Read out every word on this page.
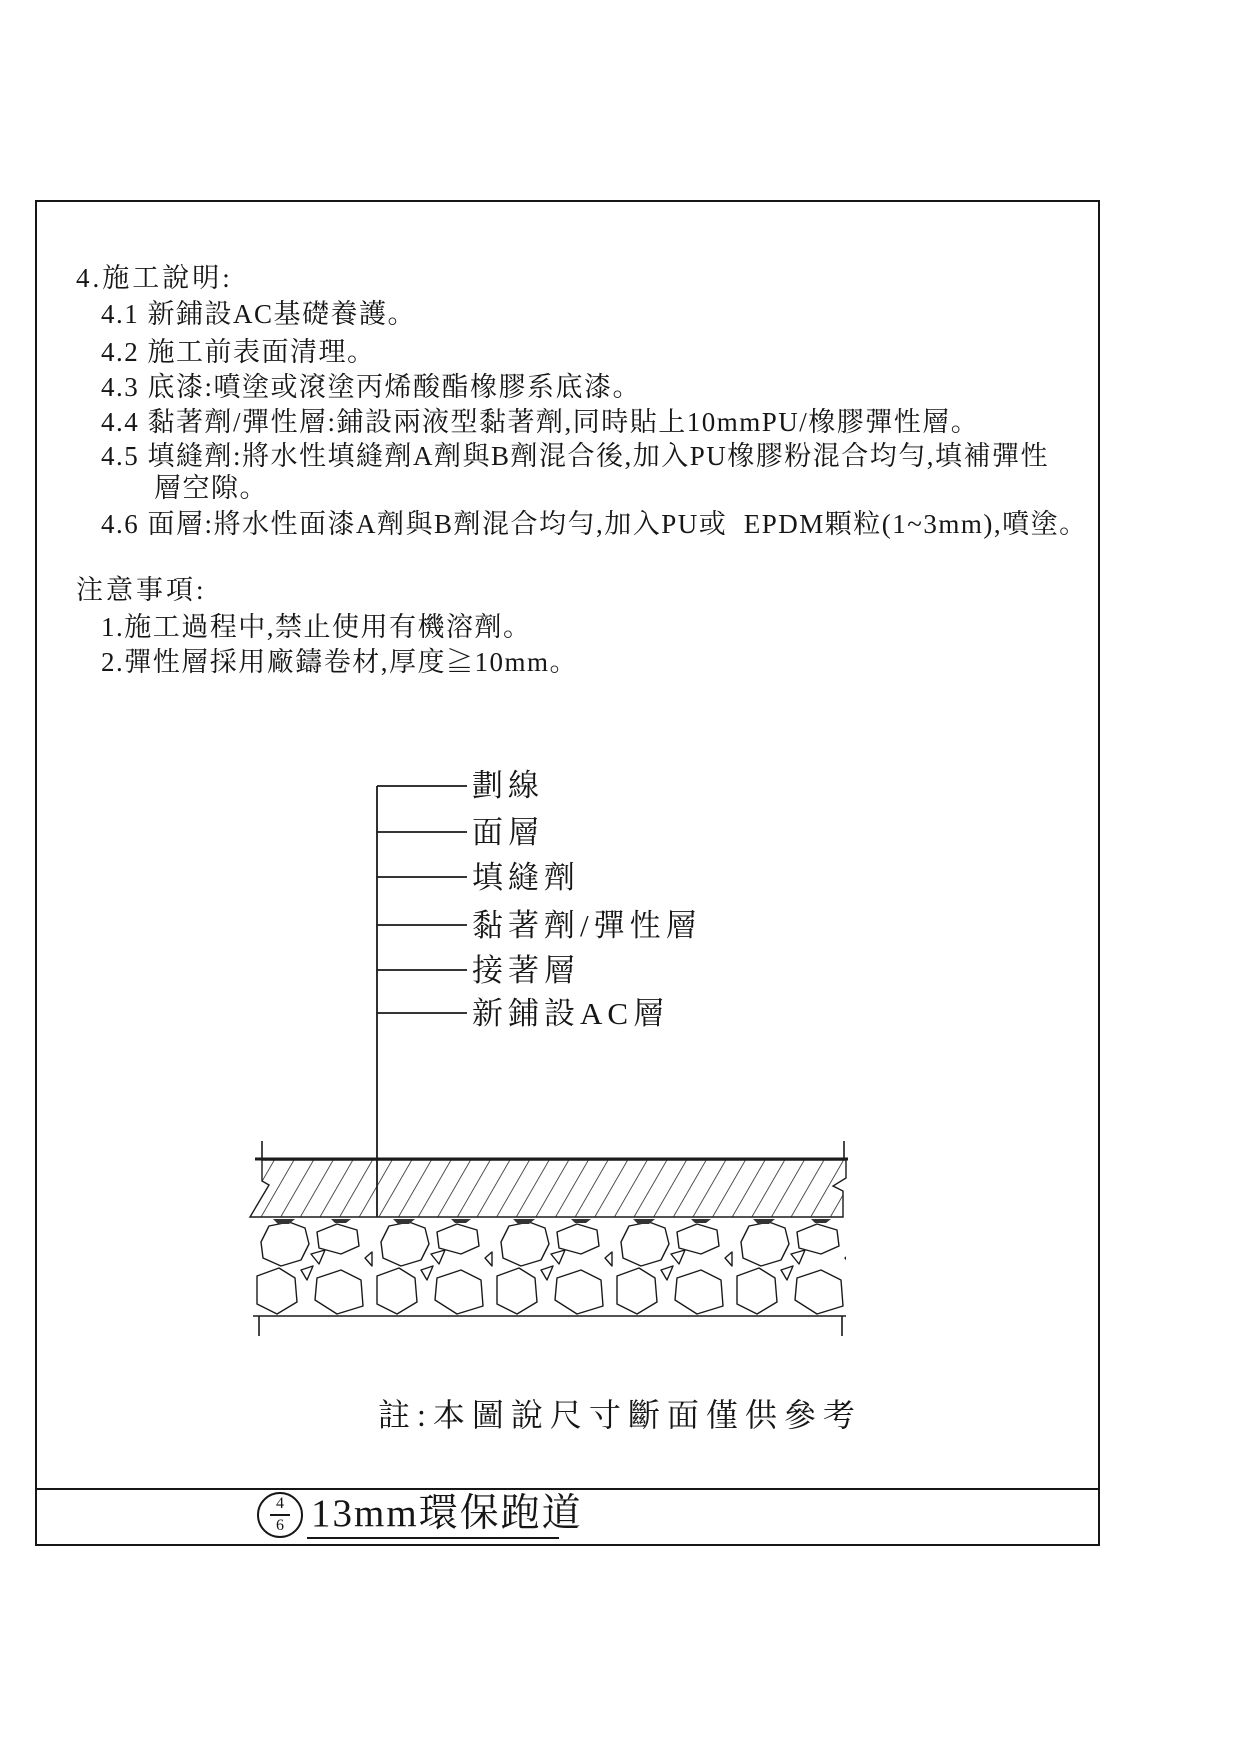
4.施工說明:
4.1 新鋪設AC基礎養護。
4.2 施工前表面清理。
4.3 底漆:噴塗或滾塗丙烯酸酯橡膠系底漆。
4.4 黏著劑/彈性層:鋪設兩液型黏著劑,同時貼上10mmPU/橡膠彈性層。
4.5 填縫劑:將水性填縫劑A劑與B劑混合後,加入PU橡膠粉混合均勻,填補彈性
層空隙。
4.6 面層:將水性面漆A劑與B劑混合均勻,加入PU或  EPDM顆粒(1~3mm),噴塗。
注意事項:
1.施工過程中,禁止使用有機溶劑。
2.彈性層採用廠鑄卷材,厚度≧10mm。
劃線
面層
填縫劑
黏著劑/彈性層
接著層
新鋪設AC層
註:本圖說尺寸斷面僅供參考
4
6 13mm環保跑道
